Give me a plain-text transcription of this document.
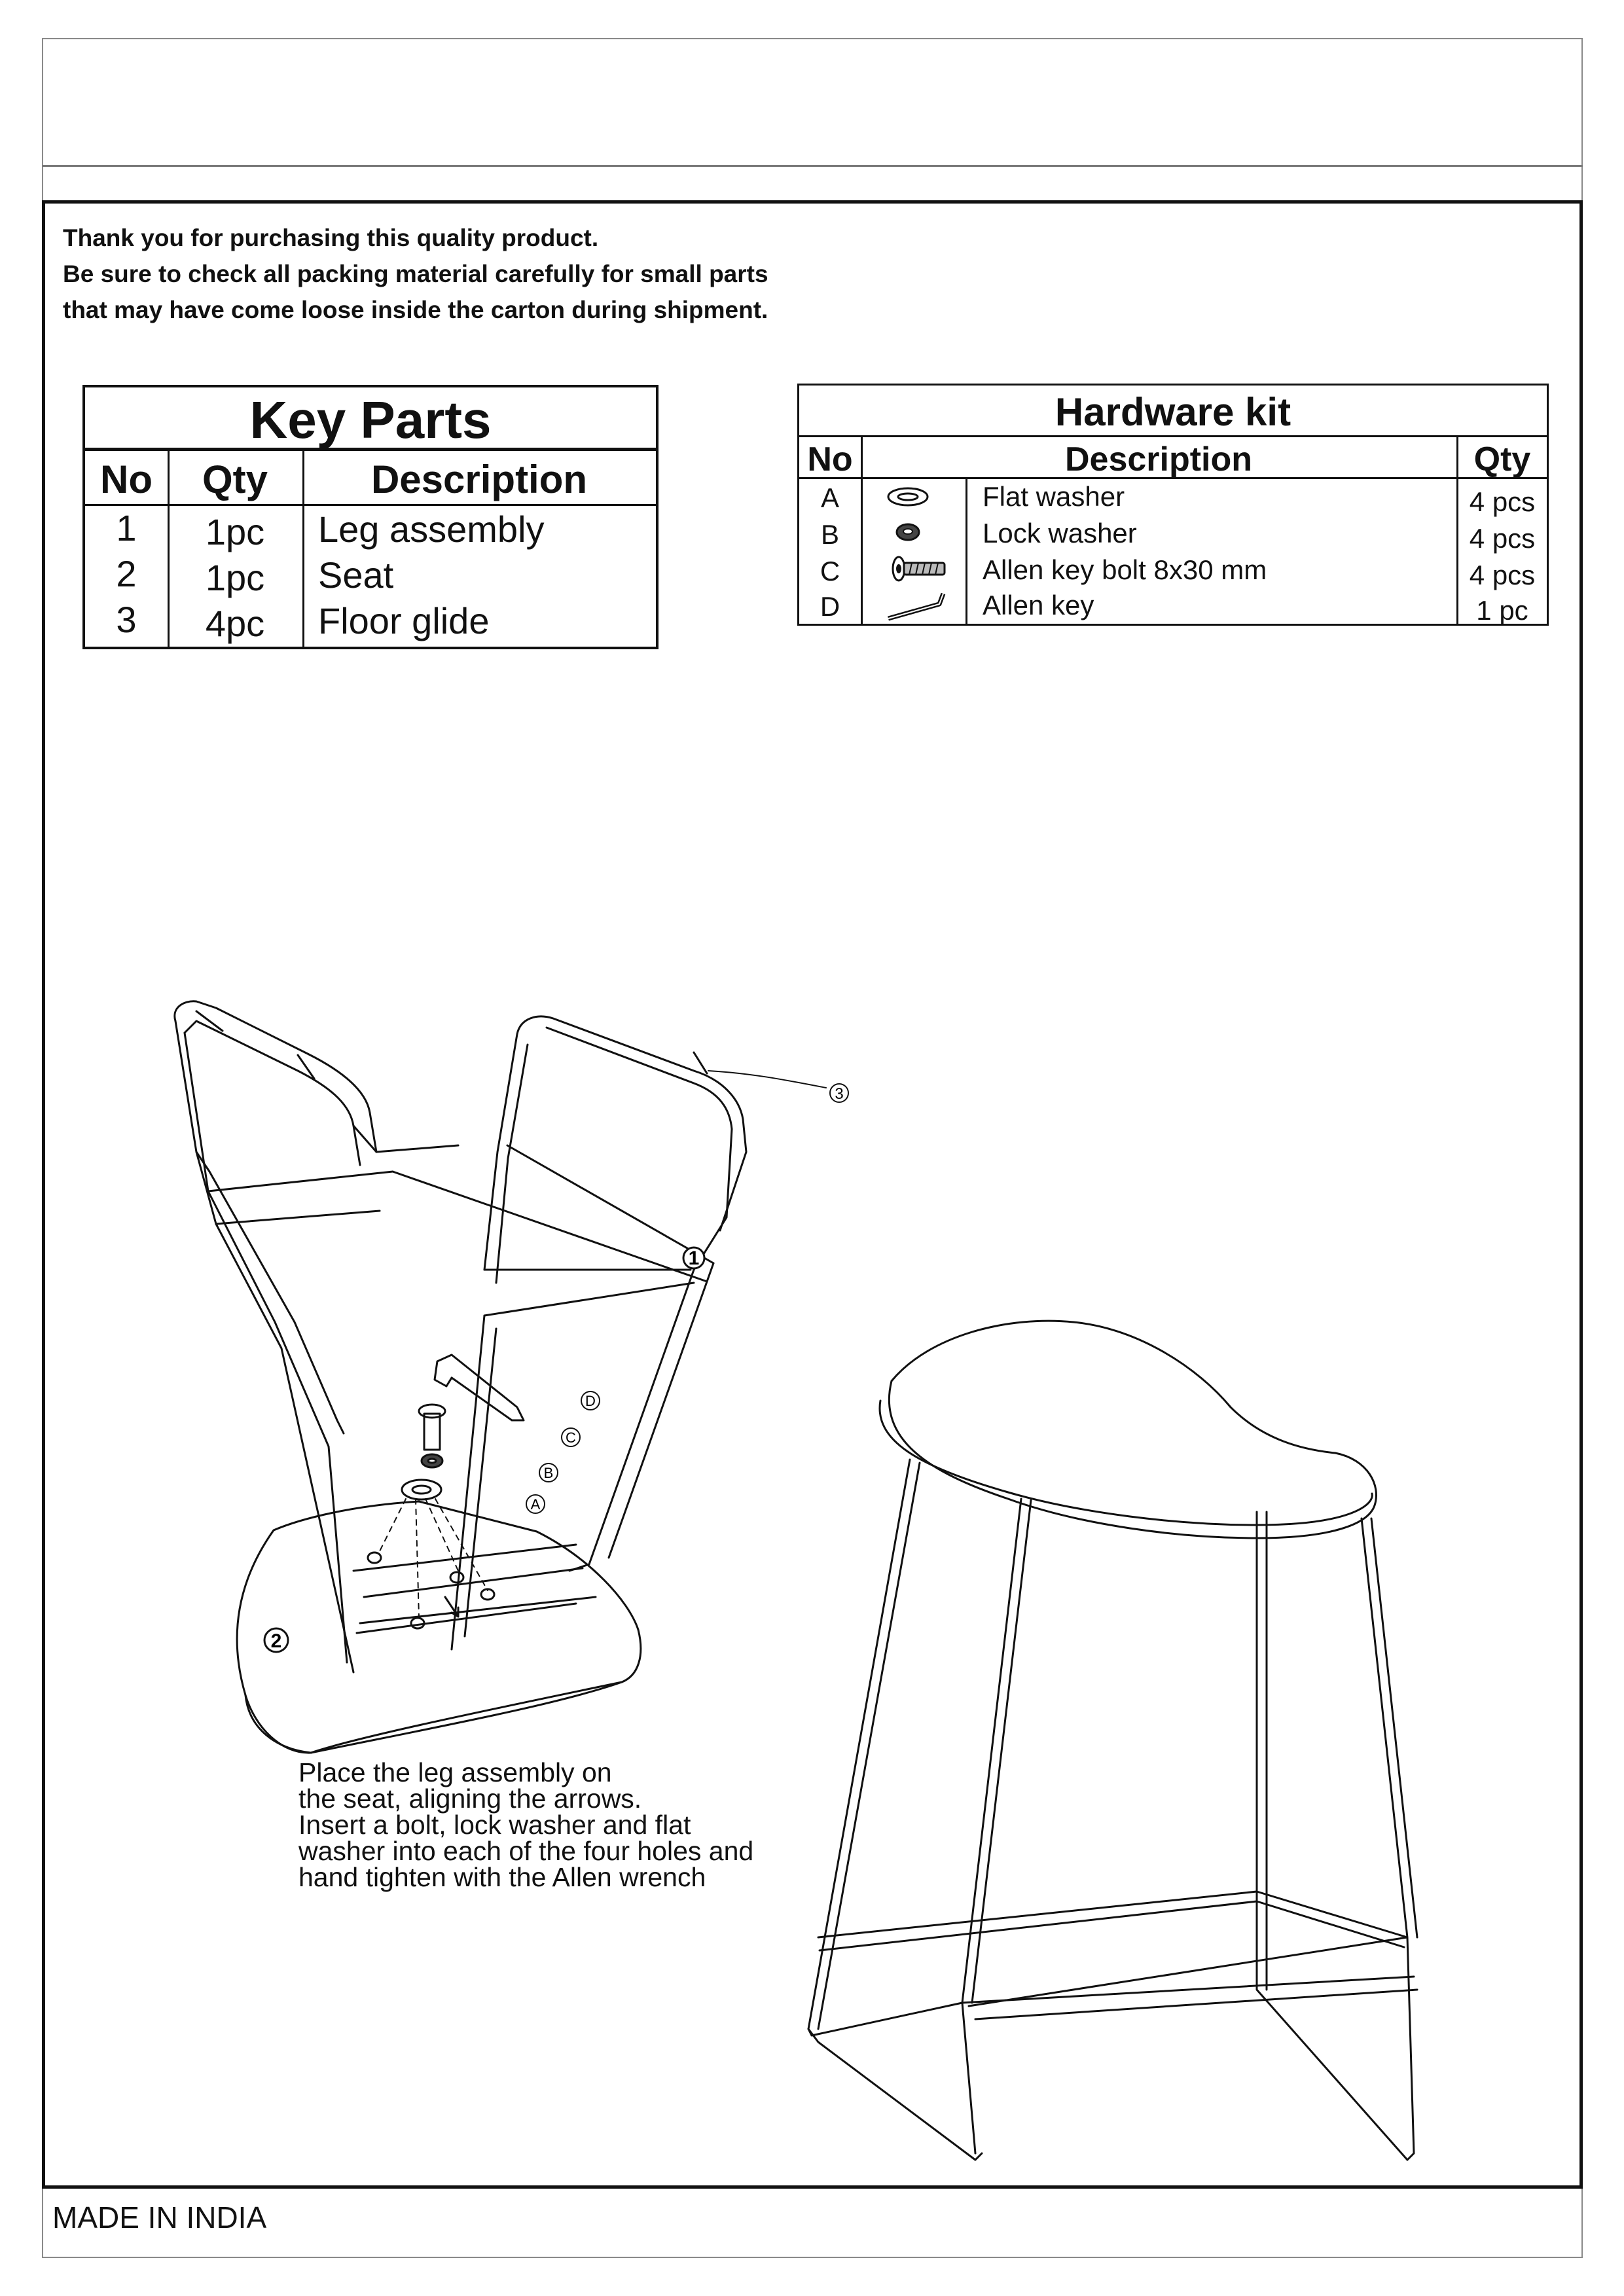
Thank you for purchasing this quality product.
Be sure to check all packing material carefully for small parts
that may have come loose inside the carton during shipment.
Key Parts
No	Qty	Description
1	1pc	Leg assembly
2	1pc	Seat
3	4pc	Floor glide
Hardware kit
No	Description	Qty
A	Flat washer	4 pcs
B	Lock washer	4 pcs
C	Allen key bolt 8x30 mm	4 pcs
D	Allen key	1 pc
3
1
2
D
C
B
A
Place the leg assembly on
the seat, aligning the arrows.
Insert a bolt, lock washer and flat
washer into each of the four holes and
hand tighten with the Allen wrench
MADE IN INDIA
